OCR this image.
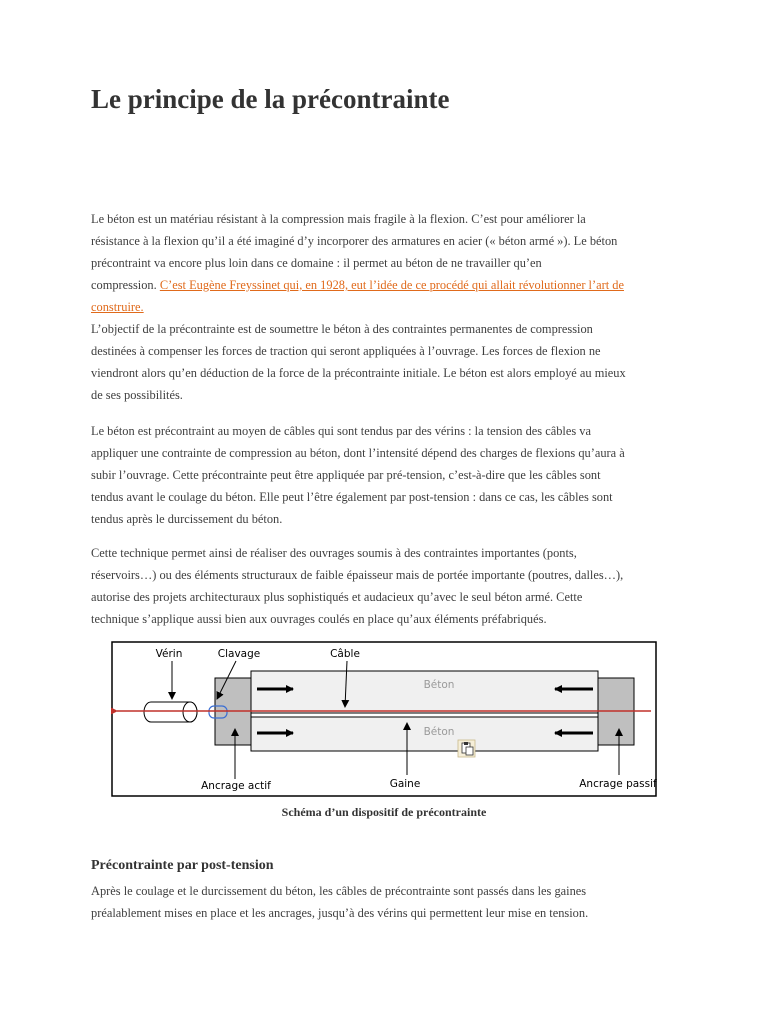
Le principe de la précontrainte
Le béton est un matériau résistant à la compression mais fragile à la flexion. C’est pour améliorer la
résistance à la flexion qu’il a été imaginé d’y incorporer des armatures en acier (« béton armé »). Le béton
précontraint va encore plus loin dans ce domaine : il permet au béton de ne travailler qu’en
compression. C’est Eugène Freyssinet qui, en 1928, eut l’idée de ce procédé qui allait révolutionner l’art de
construire.
L’objectif de la précontrainte est de soumettre le béton à des contraintes permanentes de compression
destinées à compenser les forces de traction qui seront appliquées à l’ouvrage. Les forces de flexion ne
viendront alors qu’en déduction de la force de la précontrainte initiale. Le béton est alors employé au mieux
de ses possibilités.
Le béton est précontraint au moyen de câbles qui sont tendus par des vérins : la tension des câbles va
appliquer une contrainte de compression au béton, dont l’intensité dépend des charges de flexions qu’aura à
subir l’ouvrage. Cette précontrainte peut être appliquée par pré-tension, c’est-à-dire que les câbles sont
tendus avant le coulage du béton. Elle peut l’être également par post-tension : dans ce cas, les câbles sont
tendus après le durcissement du béton.
Cette technique permet ainsi de réaliser des ouvrages soumis à des contraintes importantes (ponts,
réservoirs…) ou des éléments structuraux de faible épaisseur mais de portée importante (poutres, dalles…),
autorise des projets architecturaux plus sophistiqués et audacieux qu’avec le seul béton armé. Cette
technique s’applique aussi bien aux ouvrages coulés en place qu’aux éléments préfabriqués.
Vérin	Clavage	Câble
Béton
Béton
Ancrage actif	Gaine	Ancrage passif
Schéma d’un dispositif de précontrainte
Précontrainte par post-tension
Après le coulage et le durcissement du béton, les câbles de précontrainte sont passés dans les gaines
préalablement mises en place et les ancrages, jusqu’à des vérins qui permettent leur mise en tension.
